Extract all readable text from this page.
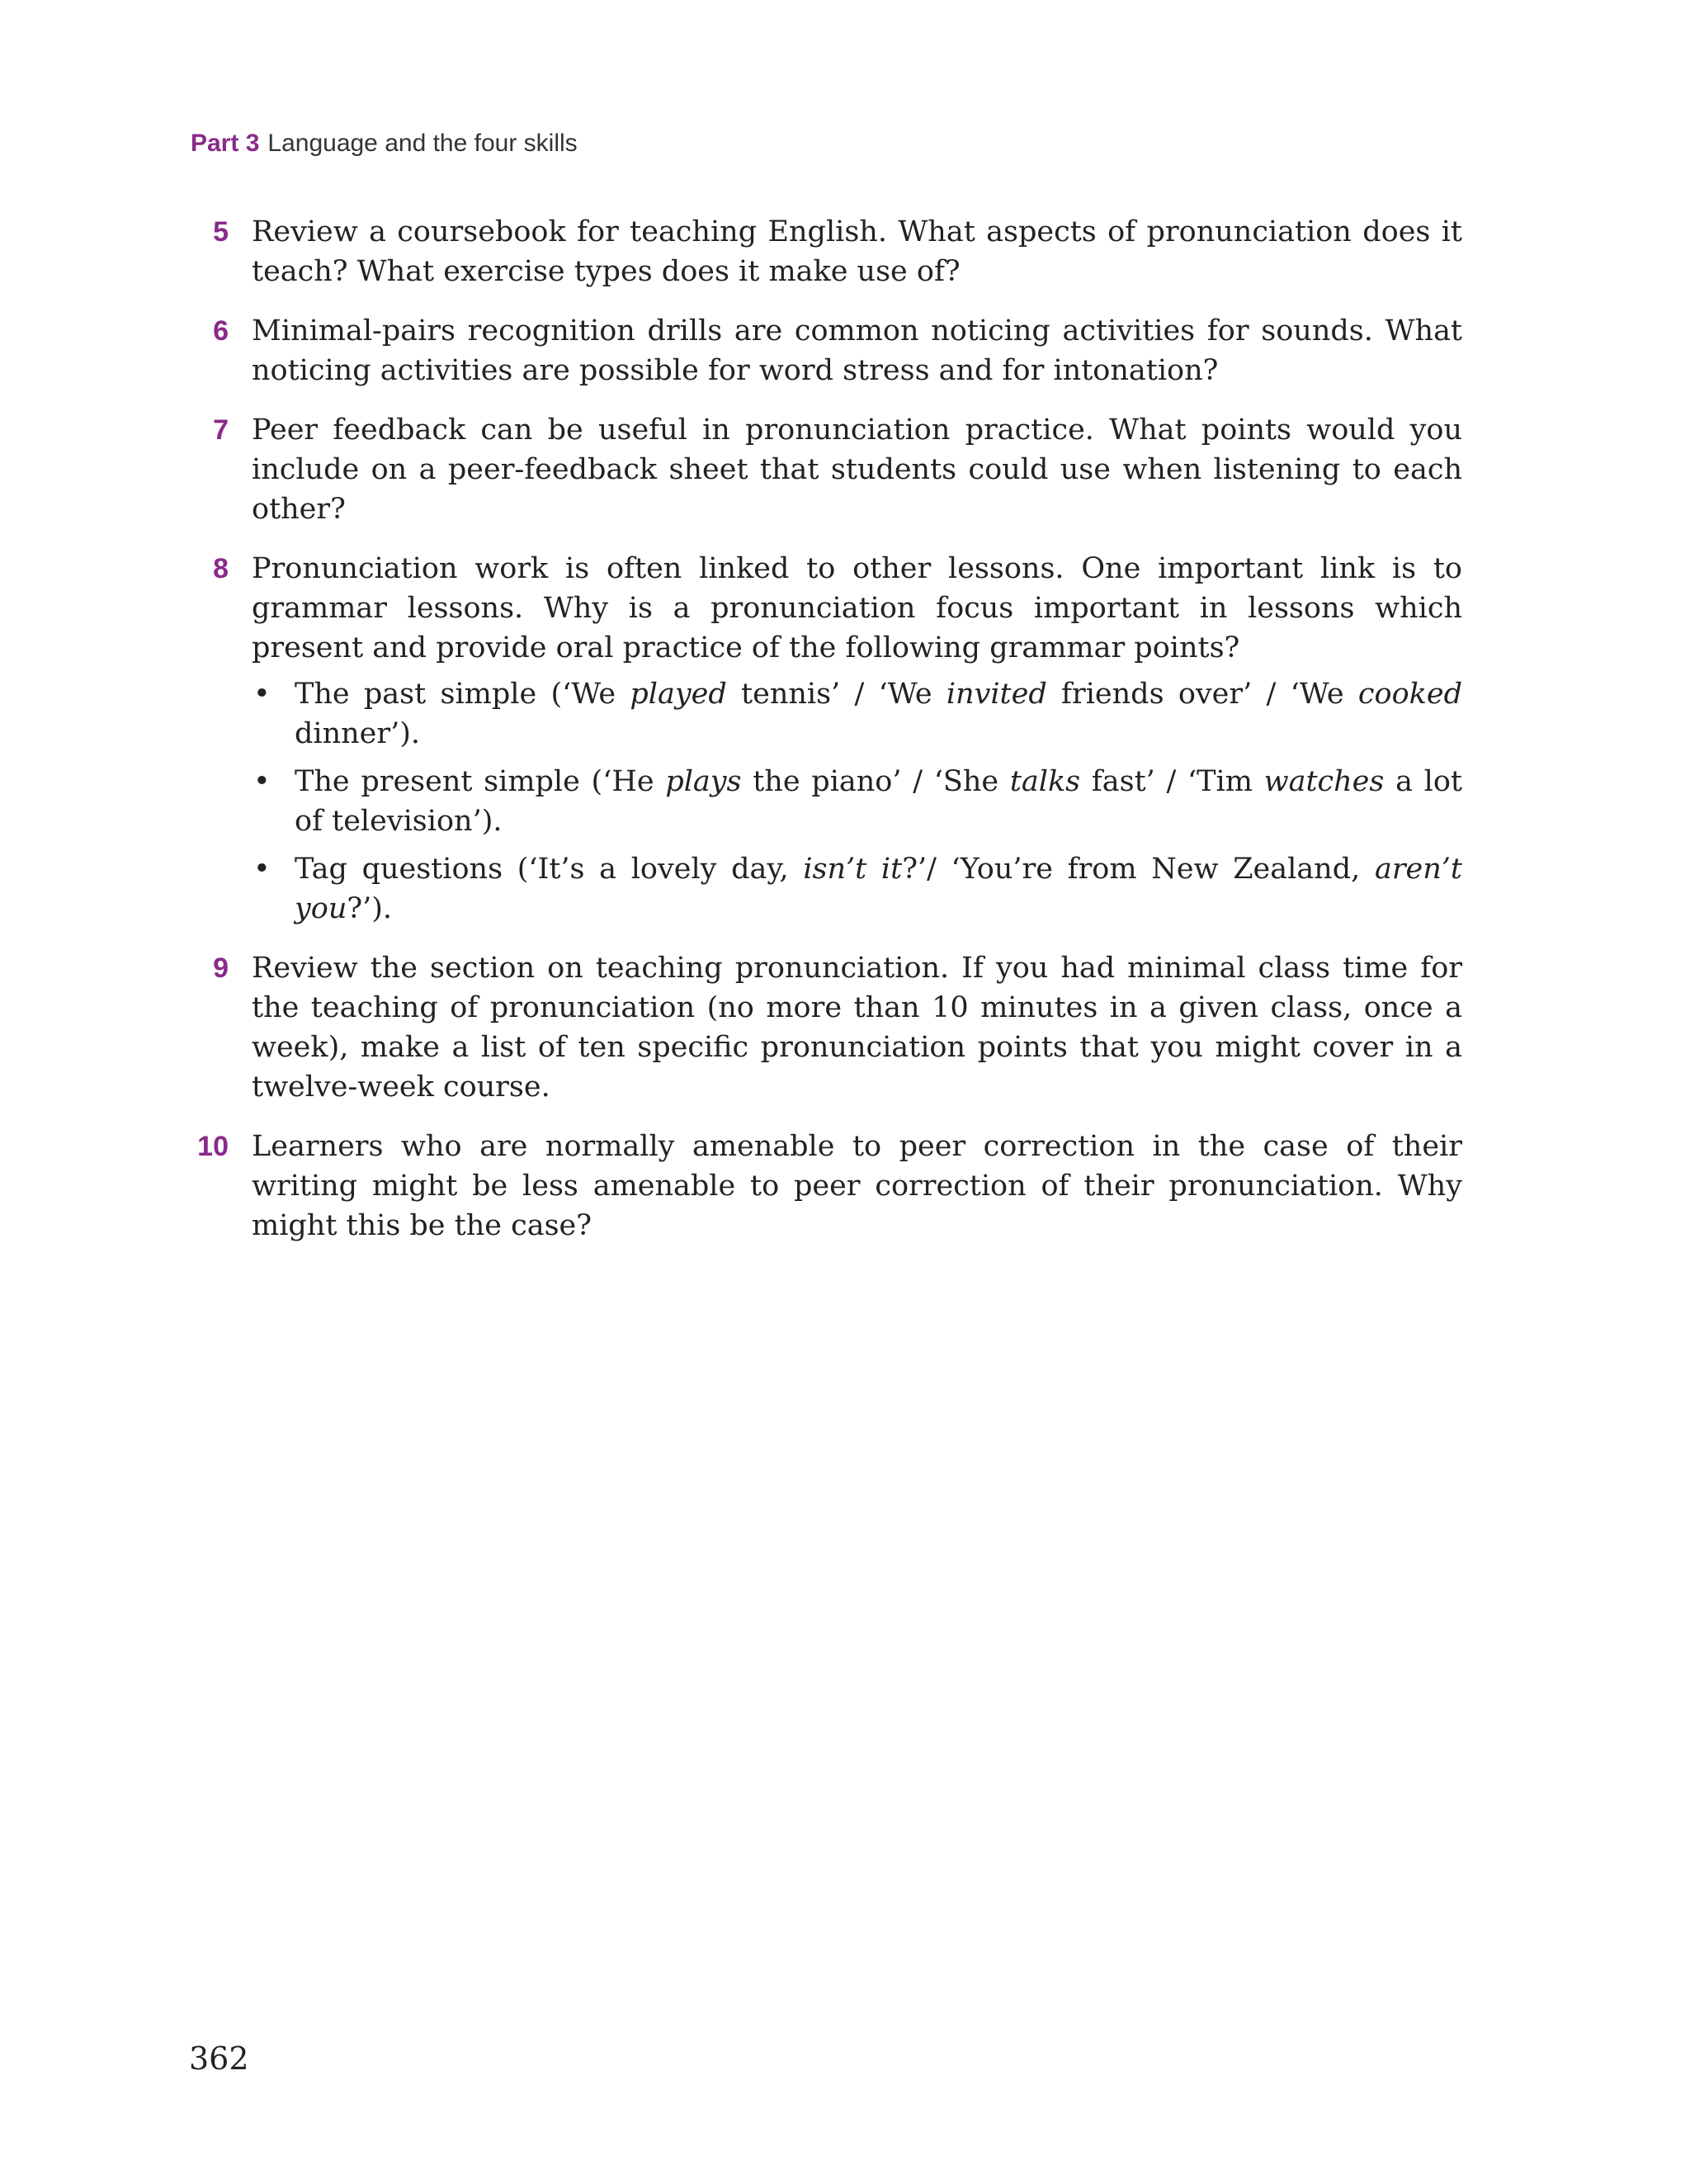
Part 3 Language and the four skills
5 Review a coursebook for teaching English. What aspects of pronunciation does it teach? What exercise types does it make use of?
6 Minimal-pairs recognition drills are common noticing activities for sounds. What noticing activities are possible for word stress and for intonation?
7 Peer feedback can be useful in pronunciation practice. What points would you include on a peer-feedback sheet that students could use when listening to each other?
8 Pronunciation work is often linked to other lessons. One important link is to grammar lessons. Why is a pronunciation focus important in lessons which present and provide oral practice of the following grammar points?
• The past simple (‘We played tennis’ / ‘We invited friends over’ / ‘We cooked dinner’).
• The present simple (‘He plays the piano’ / ‘She talks fast’ / ‘Tim watches a lot of television’).
• Tag questions (‘It’s a lovely day, isn’t it?’/ ‘You’re from New Zealand, aren’t you?’).
9 Review the section on teaching pronunciation. If you had minimal class time for the teaching of pronunciation (no more than 10 minutes in a given class, once a week), make a list of ten specific pronunciation points that you might cover in a twelve-week course.
10 Learners who are normally amenable to peer correction in the case of their writing might be less amenable to peer correction of their pronunciation. Why might this be the case?
362
